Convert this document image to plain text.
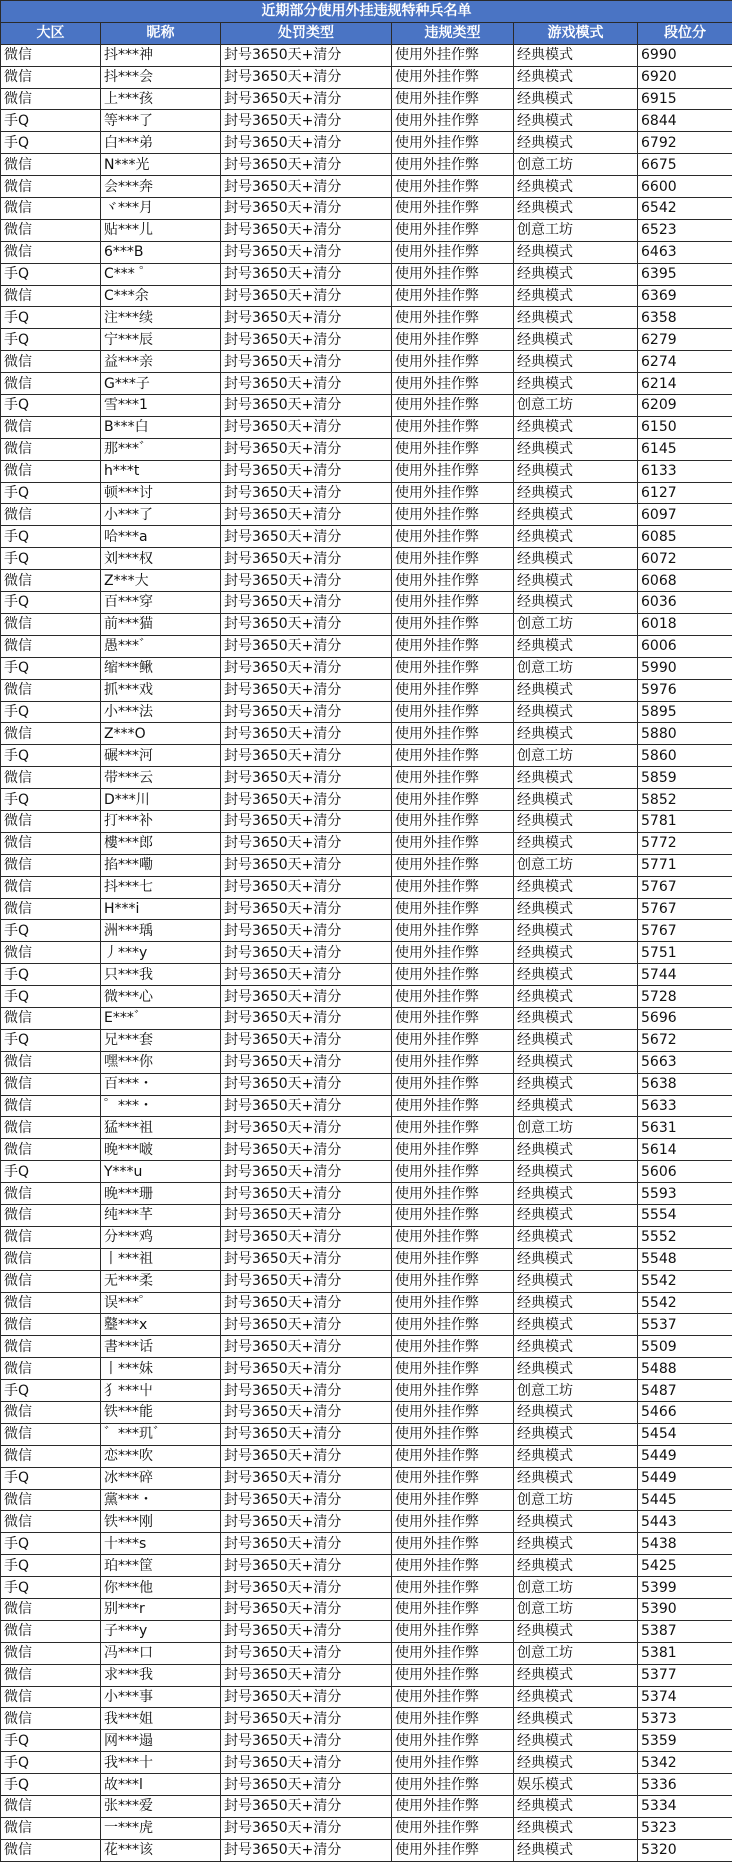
近期部分使用外挂违规特种兵名单					
大区	昵称	处罚类型	违规类型	游戏模式	段位分
微信	抖***神	封号3650天+清分	使用外挂作弊	经典模式	6990
微信	抖***会	封号3650天+清分	使用外挂作弊	经典模式	6920
微信	上***孩	封号3650天+清分	使用外挂作弊	经典模式	6915
手Q	等***了	封号3650天+清分	使用外挂作弊	经典模式	6844
手Q	白***弟	封号3650天+清分	使用外挂作弊	经典模式	6792
微信	N***光	封号3650天+清分	使用外挂作弊	创意工坊	6675
微信	会***奔	封号3650天+清分	使用外挂作弊	经典模式	6600
微信	ヾ***月	封号3650天+清分	使用外挂作弊	经典模式	6542
微信	贴***儿	封号3650天+清分	使用外挂作弊	创意工坊	6523
微信	6***B	封号3650天+清分	使用外挂作弊	经典模式	6463
手Q	C*** ゜	封号3650天+清分	使用外挂作弊	经典模式	6395
微信	C***余	封号3650天+清分	使用外挂作弊	经典模式	6369
手Q	注***续	封号3650天+清分	使用外挂作弊	经典模式	6358
手Q	宁***辰	封号3650天+清分	使用外挂作弊	经典模式	6279
微信	益***亲	封号3650天+清分	使用外挂作弊	经典模式	6274
微信	G***子	封号3650天+清分	使用外挂作弊	经典模式	6214
手Q	雪***1	封号3650天+清分	使用外挂作弊	创意工坊	6209
微信	B***白	封号3650天+清分	使用外挂作弊	经典模式	6150
微信	那***゛	封号3650天+清分	使用外挂作弊	经典模式	6145
微信	h***t	封号3650天+清分	使用外挂作弊	经典模式	6133
手Q	顿***讨	封号3650天+清分	使用外挂作弊	经典模式	6127
微信	小***了	封号3650天+清分	使用外挂作弊	经典模式	6097
手Q	哈***a	封号3650天+清分	使用外挂作弊	经典模式	6085
手Q	刘***权	封号3650天+清分	使用外挂作弊	经典模式	6072
微信	Z***大	封号3650天+清分	使用外挂作弊	经典模式	6068
手Q	百***穿	封号3650天+清分	使用外挂作弊	经典模式	6036
微信	前***猫	封号3650天+清分	使用外挂作弊	创意工坊	6018
微信	愚***゛	封号3650天+清分	使用外挂作弊	经典模式	6006
手Q	缩***鳅	封号3650天+清分	使用外挂作弊	创意工坊	5990
微信	抓***戏	封号3650天+清分	使用外挂作弊	经典模式	5976
手Q	小***法	封号3650天+清分	使用外挂作弊	经典模式	5895
微信	Z***O	封号3650天+清分	使用外挂作弊	经典模式	5880
手Q	碾***河	封号3650天+清分	使用外挂作弊	创意工坊	5860
微信	带***云	封号3650天+清分	使用外挂作弊	经典模式	5859
手Q	D***川	封号3650天+清分	使用外挂作弊	经典模式	5852
微信	打***补	封号3650天+清分	使用外挂作弊	经典模式	5781
微信	樓***郎	封号3650天+清分	使用外挂作弊	经典模式	5772
微信	掐***嘞	封号3650天+清分	使用外挂作弊	创意工坊	5771
微信	抖***七	封号3650天+清分	使用外挂作弊	经典模式	5767
微信	H***i	封号3650天+清分	使用外挂作弊	经典模式	5767
手Q	洲***瑀	封号3650天+清分	使用外挂作弊	经典模式	5767
微信	丿***y	封号3650天+清分	使用外挂作弊	经典模式	5751
手Q	只***我	封号3650天+清分	使用外挂作弊	经典模式	5744
手Q	微***心	封号3650天+清分	使用外挂作弊	经典模式	5728
微信	E***゛	封号3650天+清分	使用外挂作弊	经典模式	5696
手Q	兄***套	封号3650天+清分	使用外挂作弊	经典模式	5672
微信	嘿***你	封号3650天+清分	使用外挂作弊	经典模式	5663
微信	百***・	封号3650天+清分	使用外挂作弊	经典模式	5638
微信	゜***・	封号3650天+清分	使用外挂作弊	经典模式	5633
微信	猛***祖	封号3650天+清分	使用外挂作弊	创意工坊	5631
微信	晚***啵	封号3650天+清分	使用外挂作弊	经典模式	5614
手Q	Y***u	封号3650天+清分	使用外挂作弊	经典模式	5606
微信	晚***珊	封号3650天+清分	使用外挂作弊	经典模式	5593
微信	纯***芊	封号3650天+清分	使用外挂作弊	经典模式	5554
微信	分***鸡	封号3650天+清分	使用外挂作弊	经典模式	5552
微信	丨***祖	封号3650天+清分	使用外挂作弊	经典模式	5548
微信	无***柔	封号3650天+清分	使用外挂作弊	经典模式	5542
微信	误***゜	封号3650天+清分	使用外挂作弊	经典模式	5542
微信	鼞***x	封号3650天+清分	使用外挂作弊	经典模式	5537
微信	書***话	封号3650天+清分	使用外挂作弊	经典模式	5509
微信	丨***妹	封号3650天+清分	使用外挂作弊	经典模式	5488
手Q	犭***屮	封号3650天+清分	使用外挂作弊	创意工坊	5487
微信	铁***能	封号3650天+清分	使用外挂作弊	经典模式	5466
微信	゛***玑゛	封号3650天+清分	使用外挂作弊	经典模式	5454
微信	恋***吹	封号3650天+清分	使用外挂作弊	经典模式	5449
手Q	冰***碎	封号3650天+清分	使用外挂作弊	经典模式	5449
微信	黨***・	封号3650天+清分	使用外挂作弊	创意工坊	5445
微信	铁***刚	封号3650天+清分	使用外挂作弊	经典模式	5443
手Q	十***s	封号3650天+清分	使用外挂作弊	经典模式	5438
手Q	珀***筐	封号3650天+清分	使用外挂作弊	经典模式	5425
手Q	你***他	封号3650天+清分	使用外挂作弊	创意工坊	5399
微信	别***r	封号3650天+清分	使用外挂作弊	创意工坊	5390
微信	子***y	封号3650天+清分	使用外挂作弊	经典模式	5387
微信	冯***口	封号3650天+清分	使用外挂作弊	创意工坊	5381
微信	求***我	封号3650天+清分	使用外挂作弊	经典模式	5377
微信	小***事	封号3650天+清分	使用外挂作弊	经典模式	5374
微信	我***姐	封号3650天+清分	使用外挂作弊	经典模式	5373
手Q	网***遢	封号3650天+清分	使用外挂作弊	经典模式	5359
手Q	我***十	封号3650天+清分	使用外挂作弊	经典模式	5342
手Q	故***l	封号3650天+清分	使用外挂作弊	娱乐模式	5336
微信	张***爱	封号3650天+清分	使用外挂作弊	经典模式	5334
微信	一***虎	封号3650天+清分	使用外挂作弊	经典模式	5323
微信	花***该	封号3650天+清分	使用外挂作弊	经典模式	5320
